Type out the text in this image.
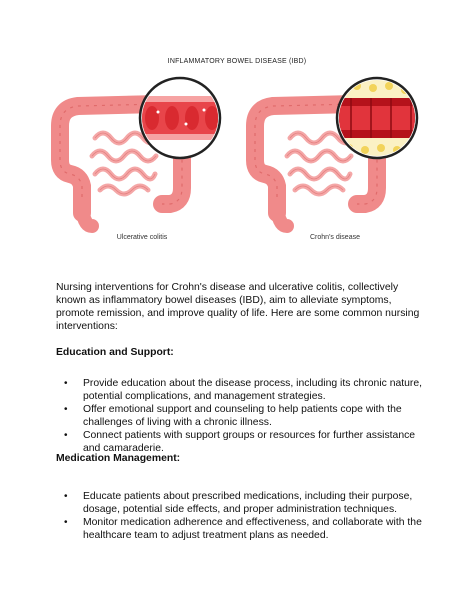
INFLAMMATORY BOWEL DISEASE (IBD)
Ulcerative colitis	Crohn's disease
Nursing interventions for Crohn's disease and ulcerative colitis, collectively known as inflammatory bowel diseases (IBD), aim to alleviate symptoms, promote remission, and improve quality of life. Here are some common nursing interventions:
Education and Support:
• Provide education about the disease process, including its chronic nature, potential complications, and management strategies.
• Offer emotional support and counseling to help patients cope with the challenges of living with a chronic illness.
• Connect patients with support groups or resources for further assistance and camaraderie.
Medication Management:
• Educate patients about prescribed medications, including their purpose, dosage, potential side effects, and proper administration techniques.
• Monitor medication adherence and effectiveness, and collaborate with the healthcare team to adjust treatment plans as needed.
